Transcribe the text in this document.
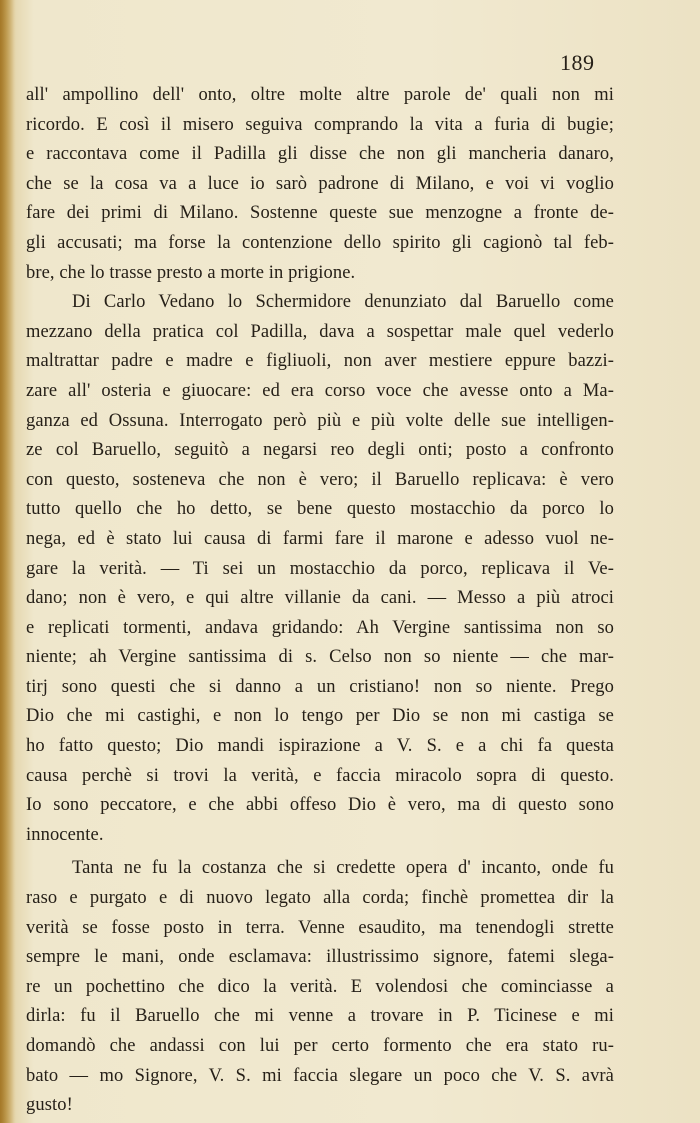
189
all' ampollino dell' onto, oltre molte altre parole de' quali non mi
ricordo. E così il misero seguiva comprando la vita a furia di bugie;
e raccontava come il Padilla gli disse che non gli mancheria danaro,
che se la cosa va a luce io sarò padrone di Milano, e voi vi voglio
fare dei primi di Milano. Sostenne queste sue menzogne a fronte de-
gli accusati; ma forse la contenzione dello spirito gli cagionò tal feb-
bre, che lo trasse presto a morte in prigione.
Di Carlo Vedano lo Schermidore denunziato dal Baruello come
mezzano della pratica col Padilla, dava a sospettar male quel vederlo
maltrattar padre e madre e figliuoli, non aver mestiere eppure bazzi-
zare all' osteria e giuocare: ed era corso voce che avesse onto a Ma-
ganza ed Ossuna. Interrogato però più e più volte delle sue intelligen-
ze col Baruello, seguitò a negarsi reo degli onti; posto a confronto
con questo, sosteneva che non è vero; il Baruello replicava: è vero
tutto quello che ho detto, se bene questo mostacchio da porco lo
nega, ed è stato lui causa di farmi fare il marone e adesso vuol ne-
gare la verità. — Ti sei un mostacchio da porco, replicava il Ve-
dano; non è vero, e qui altre villanie da cani. — Messo a più atroci
e replicati tormenti, andava gridando: Ah Vergine santissima non so
niente; ah Vergine santissima di s. Celso non so niente — che mar-
tirj sono questi che si danno a un cristiano! non so niente. Prego
Dio che mi castighi, e non lo tengo per Dio se non mi castiga se
ho fatto questo; Dio mandi ispirazione a V. S. e a chi fa questa
causa perchè si trovi la verità, e faccia miracolo sopra di questo.
Io sono peccatore, e che abbi offeso Dio è vero, ma di questo sono
innocente.
Tanta ne fu la costanza che si credette opera d' incanto, onde fu
raso e purgato e di nuovo legato alla corda; finchè promettea dir la
verità se fosse posto in terra. Venne esaudito, ma tenendogli strette
sempre le mani, onde esclamava: illustrissimo signore, fatemi slega-
re un pochettino che dico la verità. E volendosi che cominciasse a
dirla: fu il Baruello che mi venne a trovare in P. Ticinese e mi
domandò che andassi con lui per certo formento che era stato ru-
bato — mo Signore, V. S. mi faccia slegare un poco che V. S. avrà
gusto!
